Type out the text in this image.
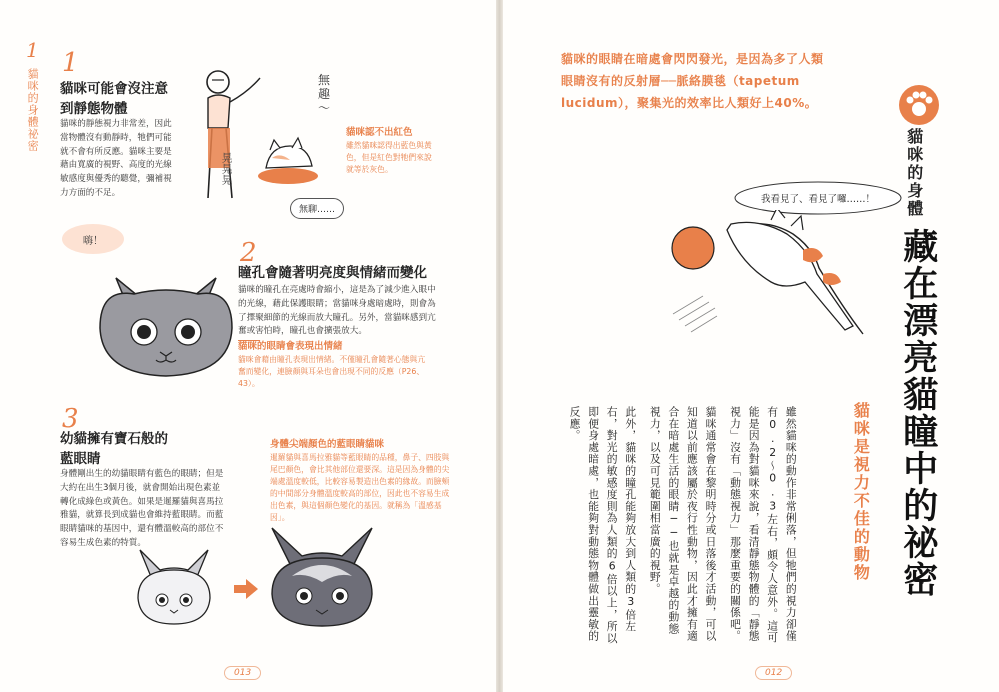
1
貓咪的身體祕密
1
貓咪可能會沒注意到靜態物體
貓咪的靜態視力非常差，因此當物體沒有動靜時，牠們可能就不會有所反應。貓咪主要是藉由寬廣的視野、高度的光線敏感度與優秀的聽覺，彌補視力方面的不足。
無趣～
晃晃晃
無聊……
貓咪認不出紅色
雖然貓咪認得出藍色與黃色，但是紅色對牠們來說就等於灰色。
嗨！	2
瞳孔會隨著明亮度與情緒而變化
貓咪的瞳孔在亮處時會縮小，這是為了減少進入眼中的光線，藉此保護眼睛；當貓咪身處暗處時，則會為了擇聚細節的光線而放大瞳孔。另外，當貓咪感到亢奮或害怕時，瞳孔也會擴張放大。
貓咪的眼睛會表現出情緒
貓咪會藉由瞳孔表現出情緒。不僅瞳孔會隨著心態與亢奮而變化，連臉顏與耳朵也會出現不同的反應（P26、43）。
3
幼貓擁有寶石般的藍眼睛
身體剛出生的幼貓眼睛有藍色的眼睛；但是大約在出生3個月後，就會開始出現色素並轉化成綠色或黃色。如果是暹羅貓與喜馬拉雅貓，就算長到成貓也會維持藍眼睛。而藍眼睛貓咪的基因中，還有體溫較高的部位不容易生成色素的特質。
身體尖端顏色的藍眼睛貓咪
暹羅貓與喜馬拉雅貓等藍眼睛的品種，鼻子、四肢與尾巴顏色，會比其他部位還要深。這是因為身體的尖端處溫度較低，比較容易製造出色素的緣故。而臉頰的中間部分身體溫度較高的部位，因此也不容易生成出色素，與這個顏色變化的基因。就稱為「溫感基因」。
013
貓咪的眼睛在暗處會閃閃發光，是因為多了人類眼睛沒有的反射層──脈絡膜毯（tapetum lucidum），聚集光的效率比人類好上40%。
我看見了、看見了囉……！	貓咪的身體
藏在漂亮貓瞳中的祕密
貓咪是視力不佳的動物

雖然貓咪的動作非常俐落，但牠們的視力卻僅有0.2～0.3左右，頗令人意外。這可能是因為對貓咪來說，看清靜態物體的「靜態視力」沒有「動態視力」那麼重要的關係吧。

貓咪通常會在黎明時分或日落後才活動，可以知道以前應該屬於夜行性動物，因此才擁有適合在暗處生活的眼睛──也就是卓越的動態視力，以及可見範圍相當廣的視野。

此外，貓咪的瞳孔能夠放大到人類的3倍左右，對光的敏感度則為人類的6倍以上，所以即便身處暗處，也能夠對動態物體做出靈敏的反應。

012
